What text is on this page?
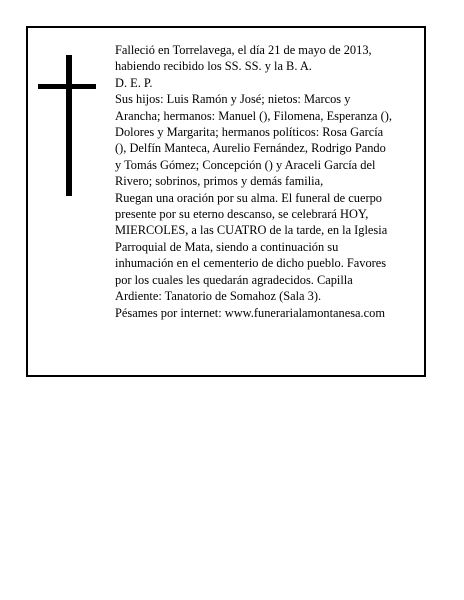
Falleció en Torrelavega, el día 21 de mayo de 2013,

habiendo recibido los SS. SS. y la B. A.

D. E. P.

Sus hijos: Luis Ramón y José; nietos: Marcos y

Arancha; hermanos: Manuel (), Filomena, Esperanza (),

Dolores y Margarita; hermanos políticos: Rosa García

(), Delfín Manteca, Aurelio Fernández, Rodrigo Pando

y Tomás Gómez; Concepción () y Araceli García del

Rivero; sobrinos, primos y demás familia,

Ruegan una oración por su alma. El funeral de cuerpo

presente por su eterno descanso, se celebrará HOY,

MIERCOLES, a las CUATRO de la tarde, en la Iglesia

Parroquial de Mata, siendo a continuación su

inhumación en el cementerio de dicho pueblo. Favores

por los cuales les quedarán agradecidos. Capilla

Ardiente: Tanatorio de Somahoz (Sala 3).

Pésames por internet: www.funerarialamontanesa.com
